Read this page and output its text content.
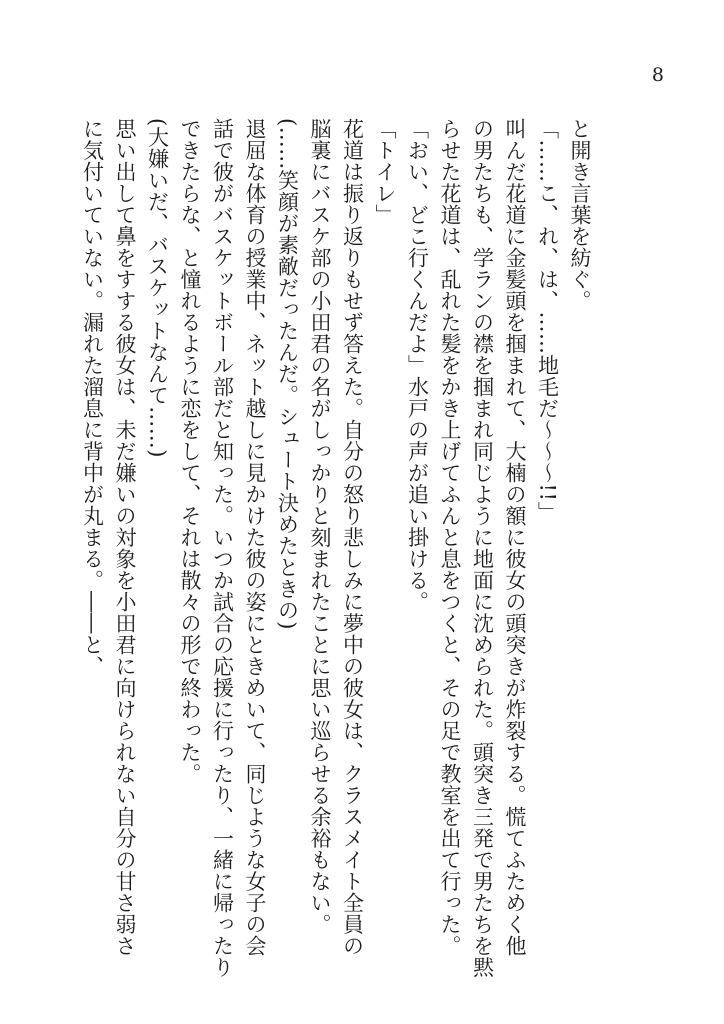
8

と開き言葉を紡ぐ。

「……こ、れ、は、……地毛だ〜〜〜!!」

叫んだ花道に金髪頭を掴まれて、大楠の額に彼女の頭突きが炸裂する。慌てふためく他

の男たちも、学ランの襟を掴まれ同じように地面に沈められた。頭突き三発で男たちを黙

らせた花道は、乱れた髪をかき上げてふんと息をつくと、その足で教室を出て行った。

「おい、どこ行くんだよ」水戸の声が追い掛ける。

「トイレ」

花道は振り返りもせず答えた。自分の怒り悲しみに夢中の彼女は、クラスメイト全員の

脳裏にバスケ部の小田君の名がしっかりと刻まれたことに思い巡らせる余裕もない。

(……笑顔が素敵だったんだ。シュート決めたときの)

退屈な体育の授業中、ネット越しに見かけた彼の姿にときめいて、同じような女子の会

話で彼がバスケットボール部だと知った。いつか試合の応援に行ったり、一緒に帰ったり

できたらな、と憧れるように恋をして、それは散々の形で終わった。

(大嫌いだ、バスケットなんて……)

思い出して鼻をすする彼女は、未だ嫌いの対象を小田君に向けられない自分の甘さ弱さ

に気付いていない。漏れた溜息に背中が丸まる。――と、
